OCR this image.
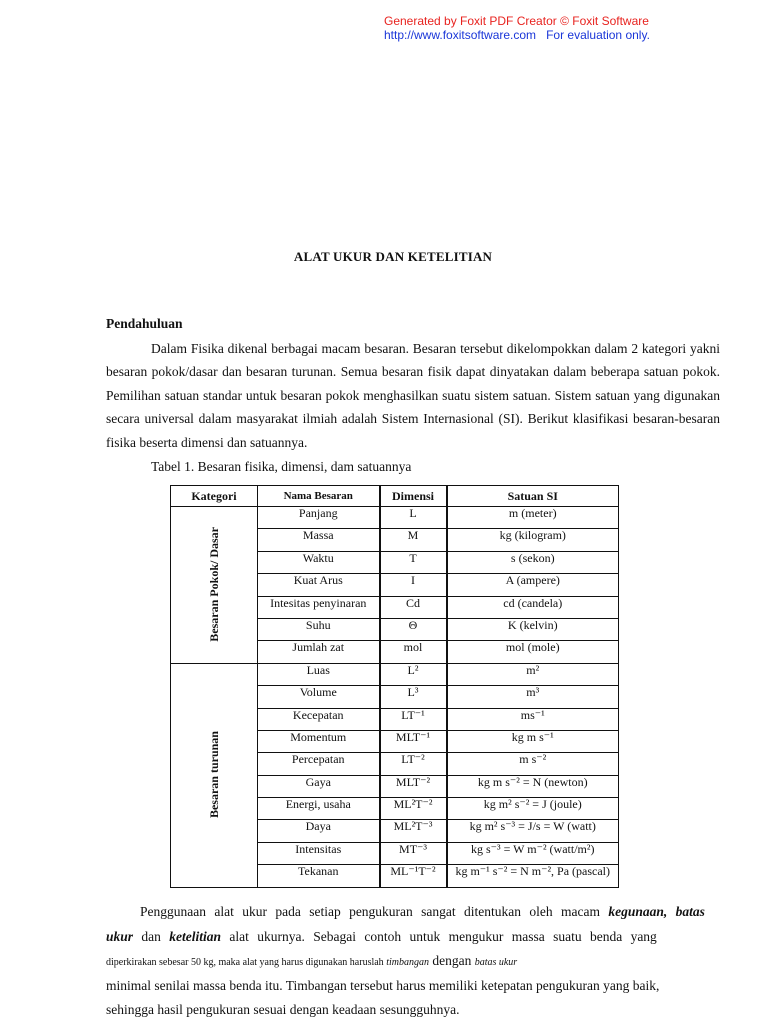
Generated by Foxit PDF Creator © Foxit Software
http://www.foxitsoftware.com For evaluation only.
ALAT UKUR DAN KETELITIAN
Pendahuluan

Dalam Fisika dikenal berbagai macam besaran. Besaran tersebut dikelompokkan dalam 2 kategori yakni besaran pokok/dasar dan besaran turunan. Semua besaran fisik dapat dinyatakan dalam beberapa satuan pokok. Pemilihan satuan standar untuk besaran pokok menghasilkan suatu sistem satuan. Sistem satuan yang digunakan secara universal dalam masyarakat ilmiah adalah Sistem Internasional (SI). Berikut klasifikasi besaran-besaran fisika beserta dimensi dan satuannya.

Tabel 1. Besaran fisika, dimensi, dam satuannya
Kategori	Nama Besaran	Dimensi	Satuan SI
Besaran Pokok/ Dasar	Panjang	L	m (meter)
	Massa	M	kg (kilogram)
	Waktu	T	s (sekon)
	Kuat Arus	I	A (ampere)
	Intesitas penyinaran	Cd	cd (candela)
	Suhu	Θ	K (kelvin)
	Jumlah zat	mol	mol (mole)
Besaran turunan	Luas	L²	m²
	Volume	L³	m³
	Kecepatan	LT⁻¹	ms⁻¹
	Momentum	MLT⁻¹	kg m s⁻¹
	Percepatan	LT⁻²	m s⁻²
	Gaya	MLT⁻²	kg m s⁻² = N (newton)
	Energi, usaha	ML²T⁻²	kg m² s⁻² = J (joule)
	Daya	ML²T⁻³	kg m² s⁻³ = J/s = W (watt)
	Intensitas	MT⁻³	kg s⁻³ = W m⁻² (watt/m²)
	Tekanan	ML⁻¹T⁻²	kg m⁻¹ s⁻² = N m⁻², Pa (pascal)
Penggunaan alat ukur pada setiap pengukuran sangat ditentukan oleh macam kegunaan, batas
ukur dan ketelitian alat ukurnya. Sebagai contoh untuk mengukur massa suatu benda yang
diperkirakan sebesar 50 kg, maka alat yang harus digunakan haruslah timbangan dengan batas ukur
minimal senilai massa benda itu. Timbangan tersebut harus memiliki ketepatan pengukuran yang baik,
sehingga hasil pengukuran sesuai dengan keadaan sesungguhnya.
